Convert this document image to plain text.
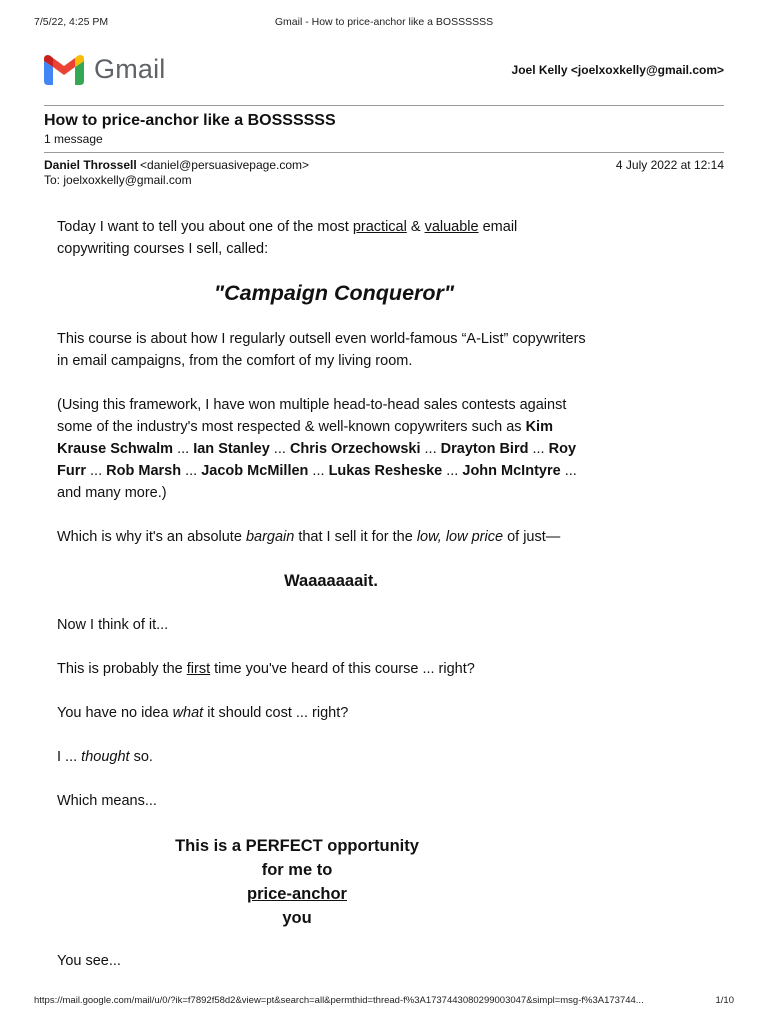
7/5/22, 4:25 PM	Gmail - How to price-anchor like a BOSSSSSS
Gmail	Joel Kelly <joelxoxkelly@gmail.com>
How to price-anchor like a BOSSSSSS
1 message
Daniel Throssell <daniel@persuasivepage.com>	4 July 2022 at 12:14
To: joelxoxkelly@gmail.com

Today I want to tell you about one of the most practical & valuable email copywriting courses I sell, called:

"Campaign Conqueror"

This course is about how I regularly outsell even world-famous “A-List” copywriters in email campaigns, from the comfort of my living room.

(Using this framework, I have won multiple head-to-head sales contests against some of the industry's most respected & well-known copywriters such as Kim Krause Schwalm ... Ian Stanley ... Chris Orzechowski ... Drayton Bird ... Roy Furr ... Rob Marsh ... Jacob McMillen ... Lukas Resheske ... John McIntyre ... and many more.)

Which is why it's an absolute bargain that I sell it for the low, low price of just—

Waaaaaaait.

Now I think of it...

This is probably the first time you've heard of this course ... right?

You have no idea what it should cost ... right?

I ... thought so.

Which means...

This is a PERFECT opportunity
for me to
price-anchor
you

You see...

https://mail.google.com/mail/u/0/?ik=f7892f58d2&view=pt&search=all&permthid=thread-f%3A1737443080299003047&simpl=msg-f%3A173744...	1/10
